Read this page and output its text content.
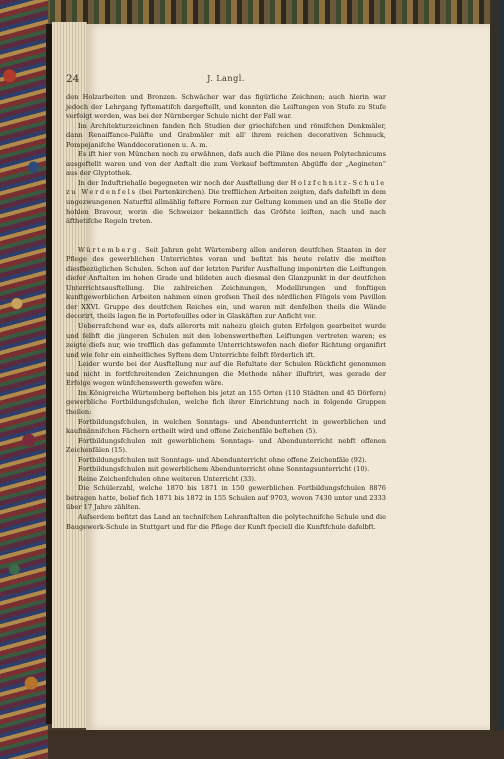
24	J. Langl.

den Holzarbeiten und Bronzen. Schwächer war das figürliche Zeichnen; auch hierin war jedoch der Lehrgang fyftematifch dargeftellt, und konnten die Leiftungen von Stufe zu Stufe verfolgt werden, was bei der Nürnberger Schule nicht der Fall war.

Im Architekturzeichnen fanden fich Studien der griechifchen und römifchen Denkmäler, dann Renaiffance-Paläfte und Grabmäler mit all' ihrem reichen decorativen Schmuck, Pompejanifche Wanddecorationen u. A. m.

Es ift hier von München noch zu erwähnen, dafs auch die Pläne des neuen Polytechnicums ausgeftellt waren und von der Anftalt die zum Verkauf beftimmten Abgüffe der „Aegineten“ aus der Glyptothek.

In der Induftriehalle begegneten wir noch der Ausftellung der Holzfchnitz-Schule zu Werdenfels (bei Partenkirchen). Die trefflichen Arbeiten zeigten, dafs dafelbft in dem ungezwungenen Naturftil allmählig feftere Formen zur Geltung kommen und an die Stelle der hohlen Bravour, worin die Schweizer bekanntlich das Gröfste leiften, nach und nach äfthetifche Regeln treten.

Würtemberg. Seit Jahren geht Würtemberg allen anderen deutfchen Staaten in der Pflege des gewerblichen Unterrichtes voran und befitzt bis heute relativ die meiften diesfbezüglichen Schulen. Schon auf der letzten Parifer Ausftellung imponirten die Leiftungen diefer Anftalten im hohen Grade und bildeten auch diesmal den Glanzpunkt in der deutfchen Unterrichtsausftellung. Die zahlreichen Zeichnungen, Modellirungen und fonftigen kunftgewerblichen Arbeiten nahmen einen grofsen Theil des nördlichen Flügels vom Pavillon der XXVI. Gruppe des deutfchen Reiches ein, und waren mit denfelben theils die Wände decorirt, theils lagen fie in Portefeuilles oder in Glaskäften zur Anficht vor.

Ueberrafchend war es, dafs allerorts mit nahezu gleich guten Erfolgen gearbeitet wurde und felbft die jüngeren Schulen mit den lobenswertheften Leiftungen vertreten waren; es zeigte diefs nur, wie trefflich das gefammte Unterrichtswefen nach diefer Richtung organifirt und wie fehr ein einheitliches Syftem dem Unterrichte felbft förderlich ift.

Leider wurde bei der Ausftellung nur auf die Refultate der Schulen Rückficht genommen und nicht in fortfchreitenden Zeichnungen die Methode näher illuftrirt, was gerade der Erfolge wegen wünfchenswerth gewefen wäre.

Im Königreiche Würtemberg beftehen bis jetzt an 155 Orten (110 Städten und 45 Dörfern) gewerbliche Fortbildungsfchulen, welche fich ihrer Einrichtung nach in folgende Gruppen theilen:

Fortbildungsfchulen, in welchen Sonntags- und Abendunterricht in gewerblichen und kaufmännifchen Fächern ertheilt wird und offene Zeichenfäle beftehen (5).

Fortbildungsfchulen mit gewerblichem Sonntags- und Abendunterricht nebft offenen Zeichenfälen (15).

Fortbildungsfchulen mit Sonntags- und Abendunterricht ohne offene Zeichenfäle (92).

Fortbildungsfchulen mit gewerblichem Abendunterricht ohne Sonntagsunterricht (10).

Reine Zeichenfchulen ohne weiteren Unterricht (33).

Die Schülerzahl, welche 1870 bis 1871 in 150 gewerblichen Fortbildungsfchulen 8876 betragen hatte, belief fich 1871 bis 1872 in 155 Schulen auf 9703, wovon 7430 unter und 2333 über 17 Jahre zählten.

Aufserdem befitzt das Land an technifchen Lehranftalten die polytechnifche Schule und die Baugewerk-Schule in Stuttgart und für die Pflege der Kunft fpeciell die Kunftfchule dafelbft.
